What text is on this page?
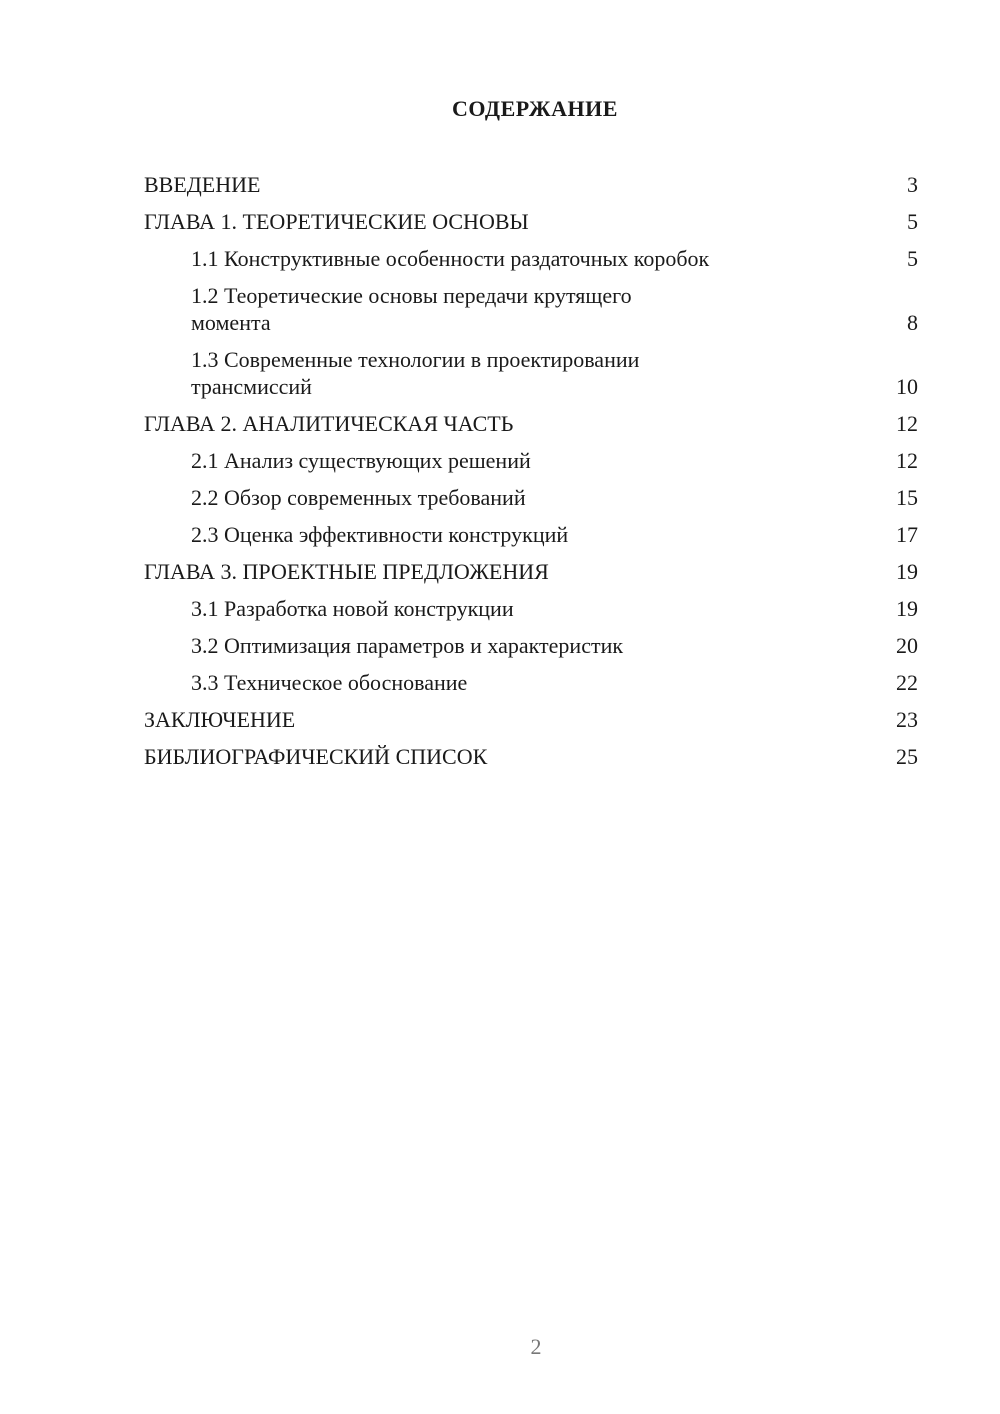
СОДЕРЖАНИЕ
ВВЕДЕНИЕ	3
ГЛАВА 1. ТЕОРЕТИЧЕСКИЕ ОСНОВЫ	5
1.1 Конструктивные особенности раздаточных коробок	5
1.2 Теоретические основы передачи крутящего момента	8
1.3 Современные технологии в проектировании трансмиссий	10
ГЛАВА 2. АНАЛИТИЧЕСКАЯ ЧАСТЬ	12
2.1 Анализ существующих решений	12
2.2 Обзор современных требований	15
2.3 Оценка эффективности конструкций	17
ГЛАВА 3. ПРОЕКТНЫЕ ПРЕДЛОЖЕНИЯ	19
3.1 Разработка новой конструкции	19
3.2 Оптимизация параметров и характеристик	20
3.3 Техническое обоснование	22
ЗАКЛЮЧЕНИЕ	23
БИБЛИОГРАФИЧЕСКИЙ СПИСОК	25
2
